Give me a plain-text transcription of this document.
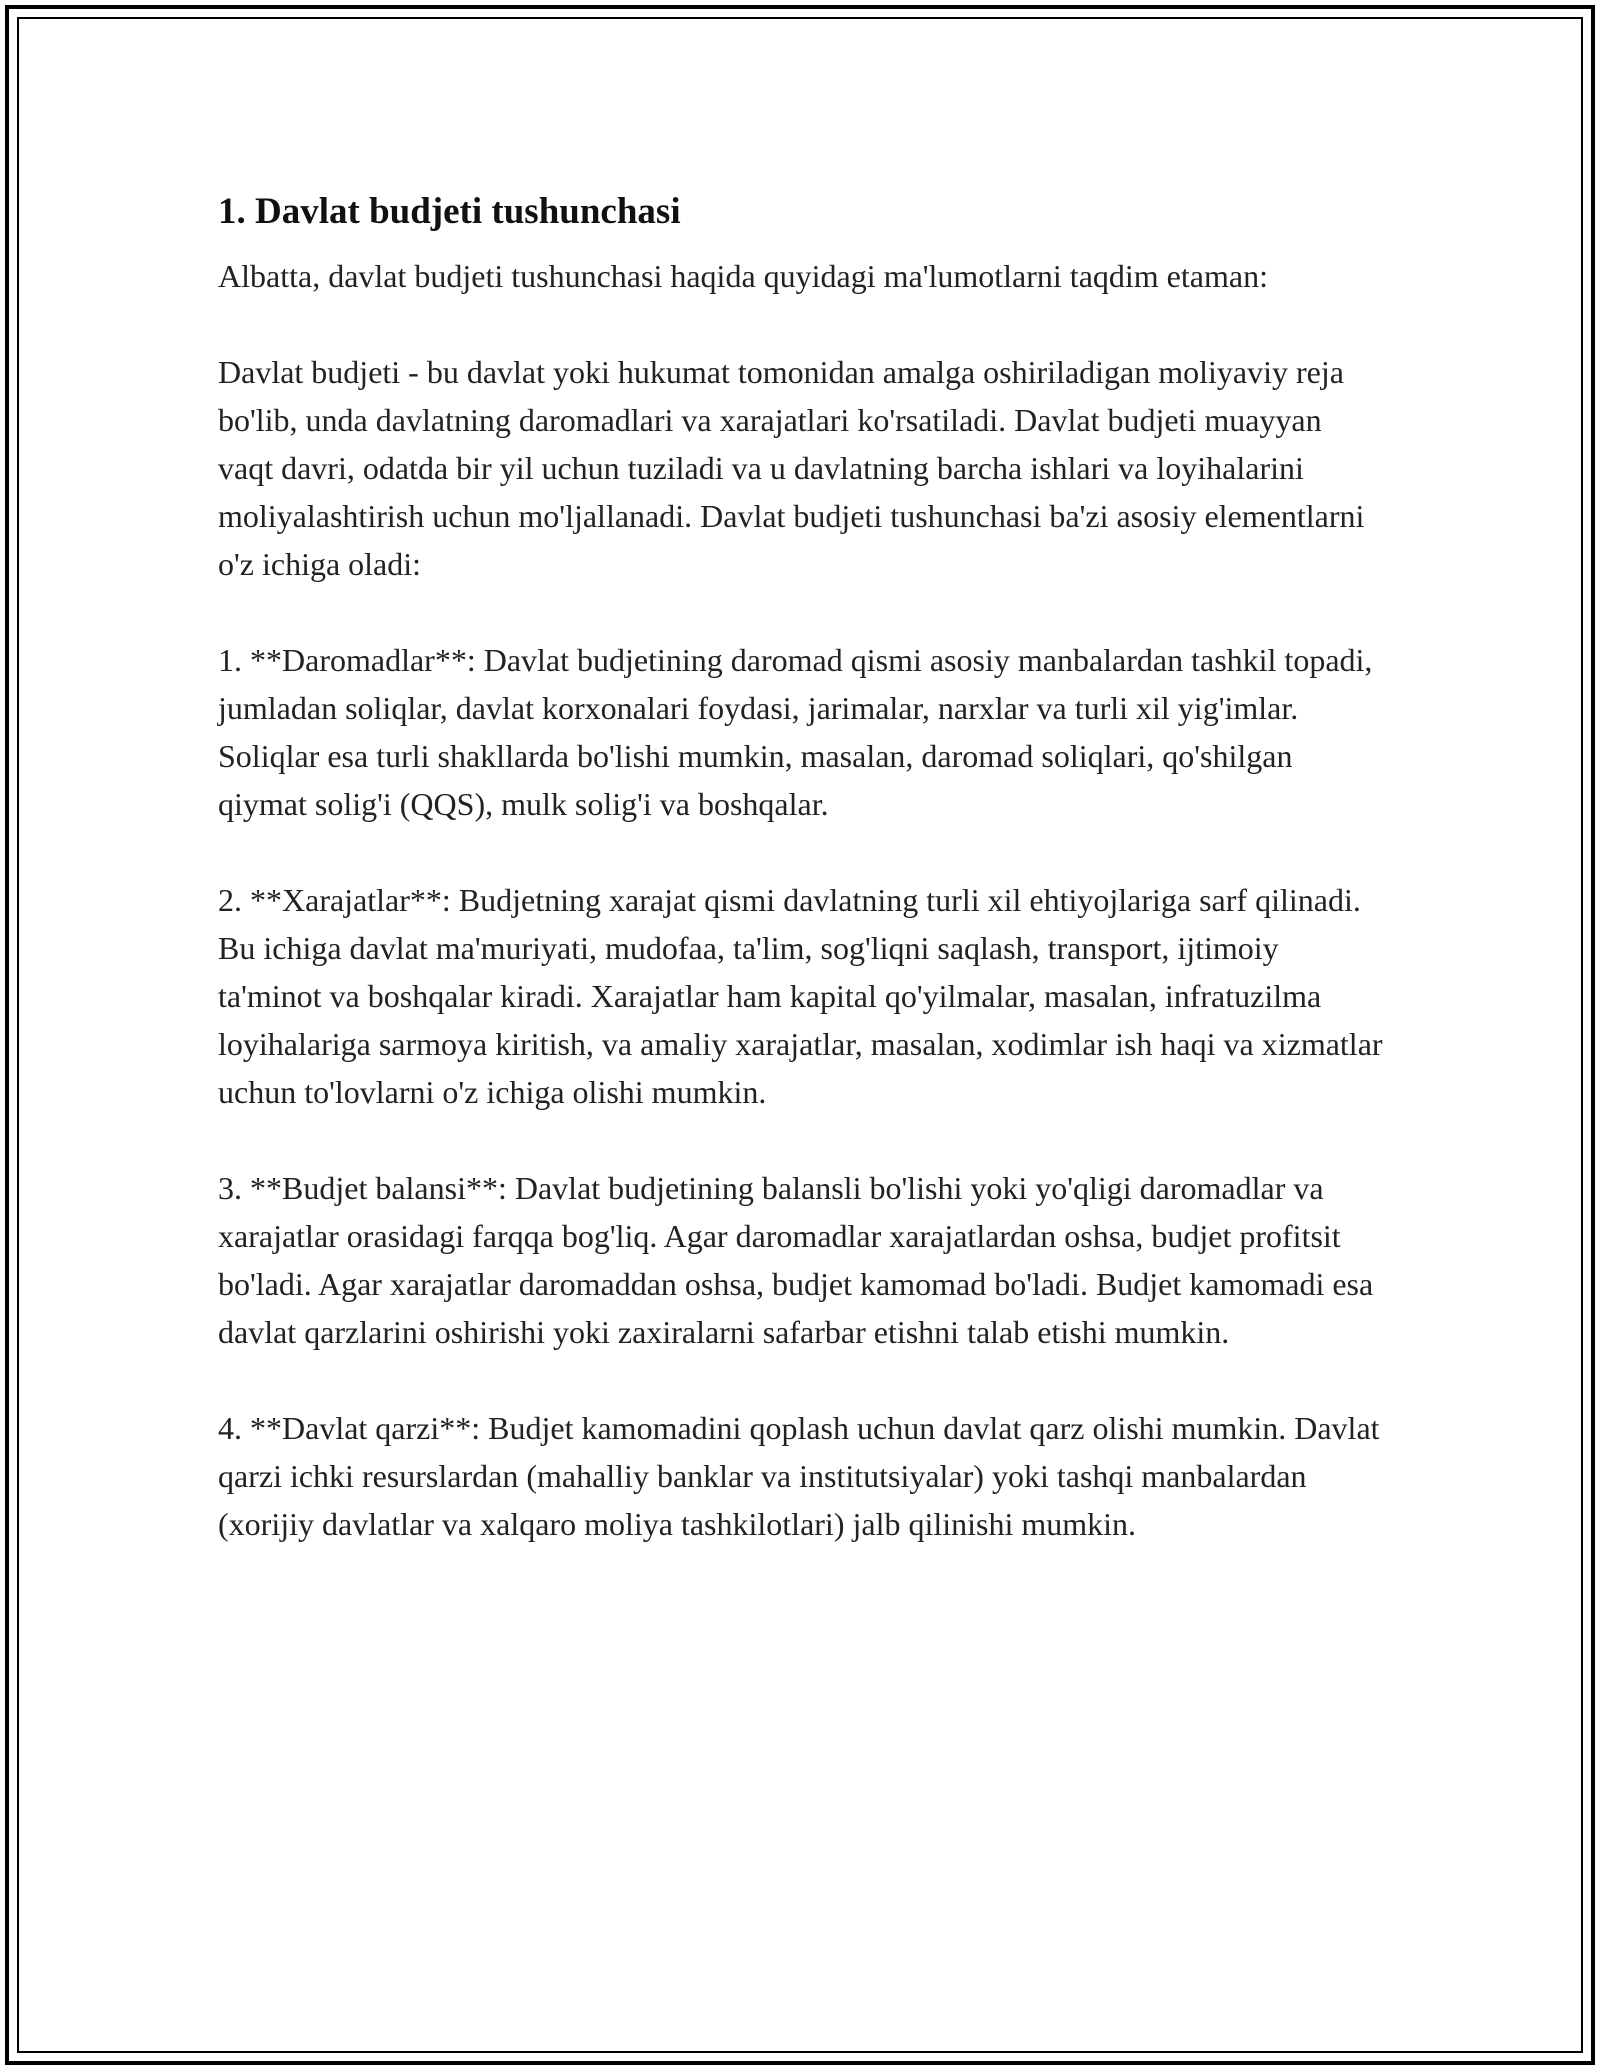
1. Davlat budjeti tushunchasi

Albatta, davlat budjeti tushunchasi haqida quyidagi ma'lumotlarni taqdim etaman:

Davlat budjeti - bu davlat yoki hukumat tomonidan amalga oshiriladigan moliyaviy reja bo'lib, unda davlatning daromadlari va xarajatlari ko'rsatiladi. Davlat budjeti muayyan vaqt davri, odatda bir yil uchun tuziladi va u davlatning barcha ishlari va loyihalarini moliyalashtirish uchun mo'ljallanadi. Davlat budjeti tushunchasi ba'zi asosiy elementlarni o'z ichiga oladi:

1. **Daromadlar**: Davlat budjetining daromad qismi asosiy manbalardan tashkil topadi, jumladan soliqlar, davlat korxonalari foydasi, jarimalar, narxlar va turli xil yig'imlar. Soliqlar esa turli shakllarda bo'lishi mumkin, masalan, daromad soliqlari, qo'shilgan qiymat solig'i (QQS), mulk solig'i va boshqalar.

2. **Xarajatlar**: Budjetning xarajat qismi davlatning turli xil ehtiyojlariga sarf qilinadi. Bu ichiga davlat ma'muriyati, mudofaa, ta'lim, sog'liqni saqlash, transport, ijtimoiy ta'minot va boshqalar kiradi. Xarajatlar ham kapital qo'yilmalar, masalan, infratuzilma loyihalariga sarmoya kiritish, va amaliy xarajatlar, masalan, xodimlar ish haqi va xizmatlar uchun to'lovlarni o'z ichiga olishi mumkin.

3. **Budjet balansi**: Davlat budjetining balansli bo'lishi yoki yo'qligi daromadlar va xarajatlar orasidagi farqqa bog'liq. Agar daromadlar xarajatlardan oshsa, budjet profitsit bo'ladi. Agar xarajatlar daromaddan oshsa, budjet kamomad bo'ladi. Budjet kamomadi esa davlat qarzlarini oshirishi yoki zaxiralarni safarbar etishni talab etishi mumkin.

4. **Davlat qarzi**: Budjet kamomadini qoplash uchun davlat qarz olishi mumkin. Davlat qarzi ichki resurslardan (mahalliy banklar va institutsiyalar) yoki tashqi manbalardan (xorijiy davlatlar va xalqaro moliya tashkilotlari) jalb qilinishi mumkin.
